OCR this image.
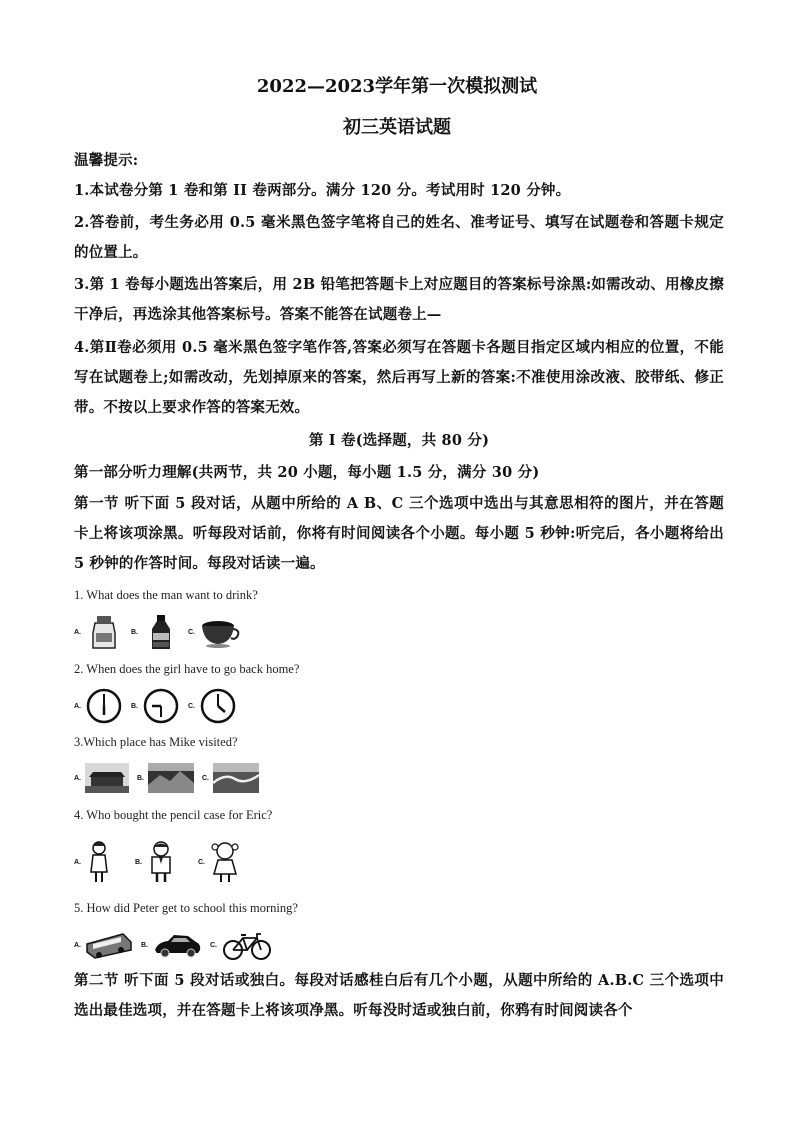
2022—2023学年第一次模拟测试
初三英语试题
温馨提示:
1.本试卷分第 1 卷和第 II 卷两部分。满分 120 分。考试用时 120 分钟。
2.答卷前，考生务必用 0.5 毫米黑色签字笔将自己的姓名、准考证号、填写在试题卷和答题卡规定的位置上。
3.第 1 卷每小题选出答案后，用 2B 铅笔把答题卡上对应题目的答案标号涂黑:如需改动、用橡皮擦干净后，再选涂其他答案标号。答案不能答在试题卷上—
4.第Ⅱ卷必须用 0.5 毫米黑色签字笔作答,答案必须写在答题卡各题目指定区域内相应的位置，不能写在试题卷上;如需改动，先划掉原来的答案，然后再写上新的答案:不准使用涂改液、胶带纸、修正带。不按以上要求作答的答案无效。
第 I 卷(选择题，共 80 分)
第一部分听力理解(共两节，共 20 小题，每小题 1.5 分，满分 30 分)
第一节 听下面 5 段对话，从题中所给的 A B、C 三个选项中选出与其意思相符的图片，并在答题卡上将该项涂黑。听每段对话前，你将有时间阅读各个小题。每小题 5 秒钟:听完后，各小题将给出 5 秒钟的作答时间。每段对话读一遍。
1. What does the man want to drink?
A.	B.	C.
2. When does the girl have to go back home?
A.	B.	C.
3.Which place has Mike visited?
A.	B.	C.
4. Who bought the pencil case for Eric?
A.	B.	C.
5. How did Peter get to school this morning?
A.	B.	C.
第二节 听下面 5 段对话或独白。每段对话感桂白后有几个小题，从题中所给的 A.B.C 三个选项中选出最佳选项，并在答题卡上将该项净黑。听每没时适或独白前，你鸦有时间阅读各个
